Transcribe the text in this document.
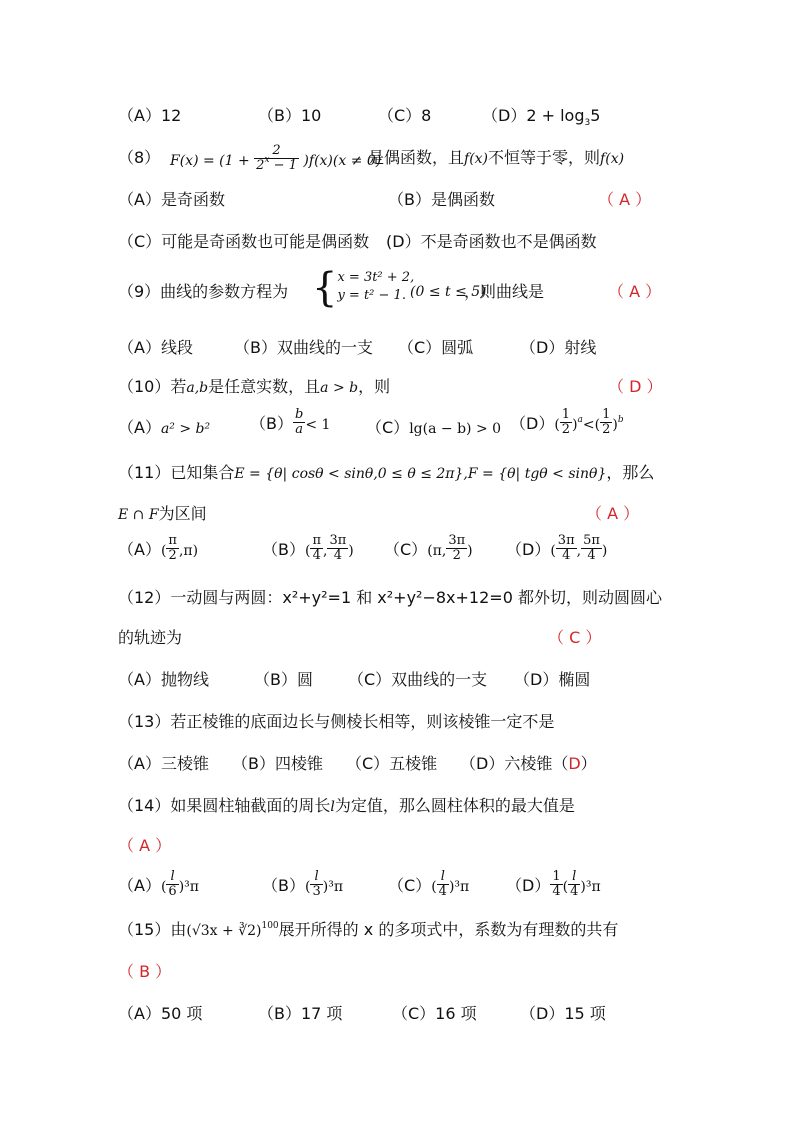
（A）12	（B）10	（C）8	$(D)2 + \log_35$
（8） $F(x) = (1 + \frac{2}{2^x - 1} )f(x)(x \ne 0)$
是偶函数，且f(x)不恒等于零，则f(x)
（A）是奇函数	（B）是偶函数	（ A ）
（C）可能是奇函数也可能是偶函数 (D）不是奇函数也不是偶函数
（9）曲线的参数方程为 { x = 3t² + 2,
y = t² − 1. (0 ≤ t ≤ 5)
，则曲线是	（ A ）
（A）线段	（B）双曲线的一支 （C）圆弧	（D）射线
（10）若a,b是任意实数，且a > b，则	（ D ）
（A）a² > b² $(B) \frac{b}{a} < 1$ （C）lg(a − b) > 0 $(D)( \frac{1}{2} )^a<( \frac{1}{2} )^b$
（11）已知集合E = {θ| cosθ < sinθ,0 ≤ θ ≤ 2π},F = {θ| tgθ < sinθ}，那么
E ∩ F为区间	（ A ）
$(A)( \frac{\pi}{2} ,\pi)$	$(B)( \frac{\pi}{4}$ , $\frac{3\pi}{4}$ ) （C）(π, $\frac{3\pi}{2}$ ) $(D)( \frac{3\pi}{4}$ , $\frac{5\pi}{4}$ )
（12）一动圆与两圆：x²+y²=1 和 x²+y²−8x+12=0 都外切，则动圆圆心
的轨迹为	（ C ）
（A）抛物线	（B）圆 （C）双曲线的一支 （D）椭圆
（13）若正棱锥的底面边长与侧棱长相等，则该棱锥一定不是
（A）三棱锥 （B）四棱锥 （C）五棱锥 （D）六棱锥（D）
（14）如果圆柱轴截面的周长l为定值，那么圆柱体积的最大值是
（ A ）
$(A)( \frac{l}{6} )^3\pi$	$(B)( \frac{l}{3} )^3\pi$	$(C)( \frac{l}{4} )^3\pi$ $(D) \frac{1}{4}$ ( $\frac{l}{4} )^3\pi$
（15）由(√3x + ∛2)$^{100}$展开所得的 x 的多项式中，系数为有理数的共有
（ B ）
（A）50 项	（B）17 项	（C）16 项	（D）15 项
